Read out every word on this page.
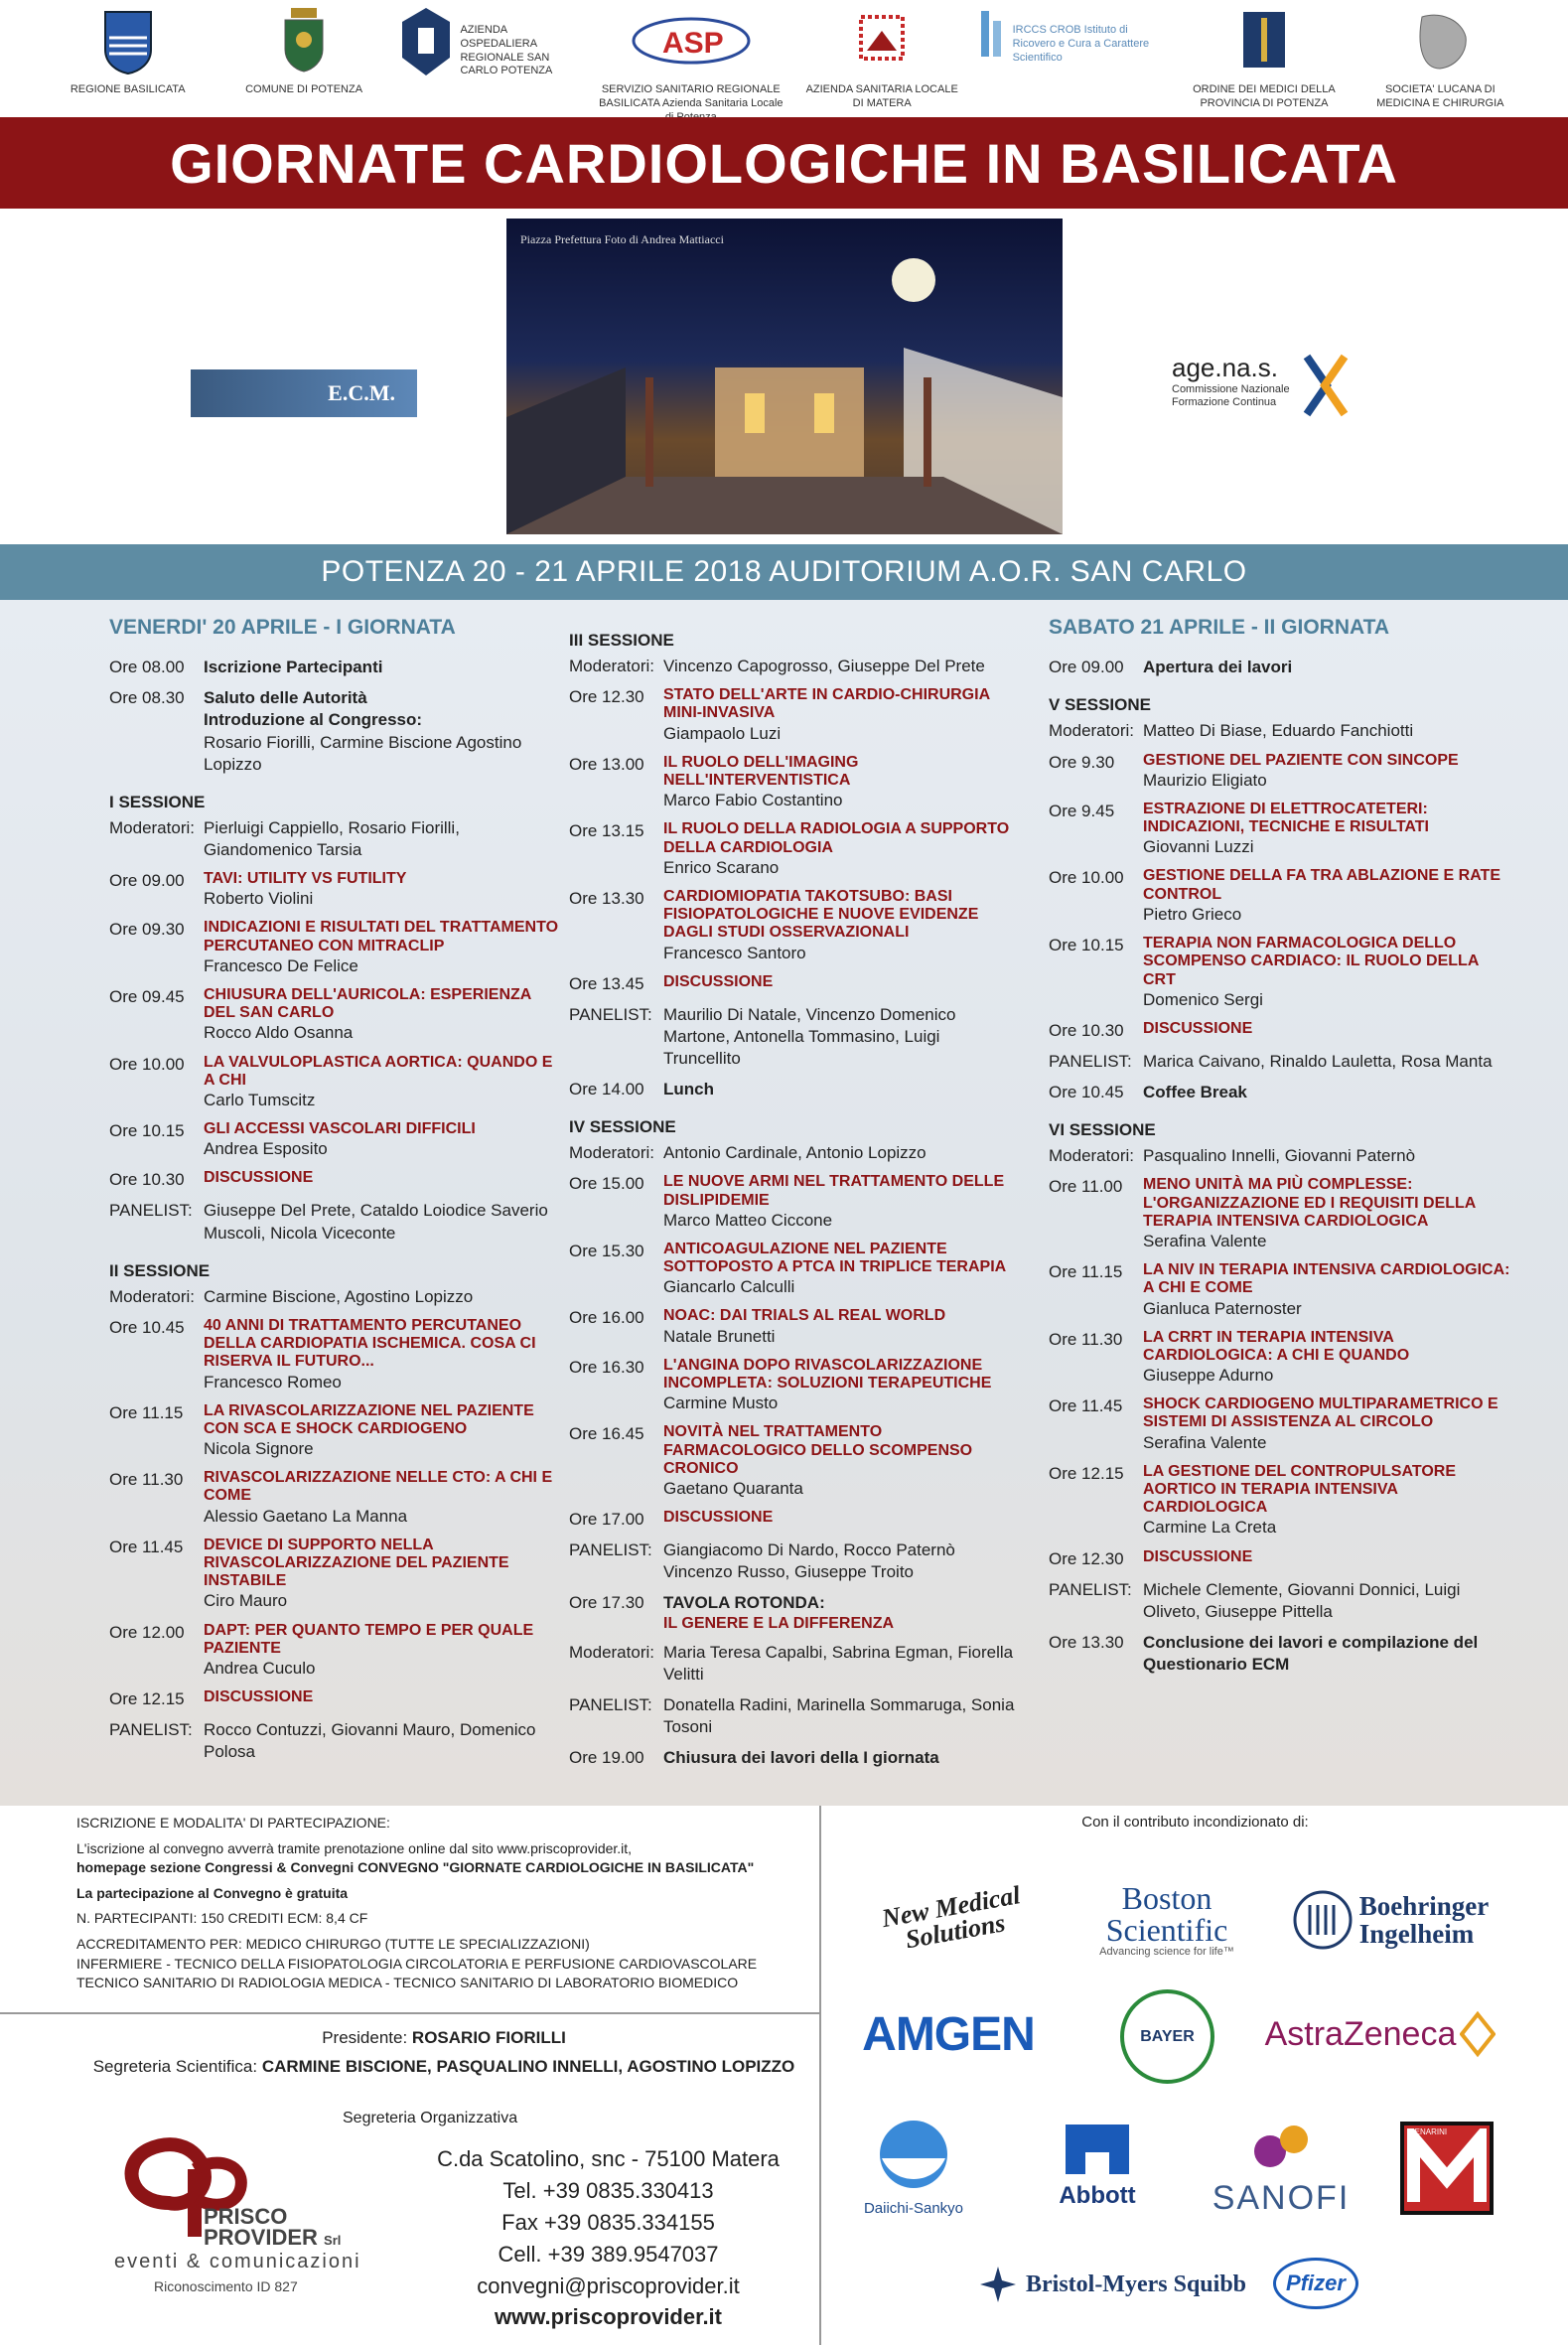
REGIONE BASILICATA	COMUNE DI POTENZA
AZIENDA OSPEDALIERA REGIONALE SAN CARLO POTENZA
ASP
SERVIZIO SANITARIO REGIONALE BASILICATA Azienda Sanitaria Locale
AZIENDA SANITARIA LOCALE DI MATERA
IRCCS CROB Istituto di Ricovero e Cura a Carattere Scientifico
ORDINE DEI MEDICI DELLA PROVINCIA DI POTENZA
SOCIETA' LUCANA DI MEDICINA E CHIRURGIA
GIORNATE CARDIOLOGICHE IN BASILICATA
Piazza Prefettura Foto di Andrea Mattiacci
E.C.M.
age.na.s.
Commissione Nazionale
Formazione Continua
POTENZA 20 - 21 APRILE 2018 AUDITORIUM A.O.R. SAN CARLO
VENERDI' 20 APRILE - I GIORNATA
Ore 08.00	Iscrizione Partecipanti
Ore 08.30	Saluto delle Autorità
Introduzione al Congresso:
Rosario Fiorilli, Carmine Biscione Agostino Lopizzo
I SESSIONE
Moderatori: Pierluigi Cappiello, Rosario Fiorilli, Giandomenico Tarsia
Ore 09.00	TAVI: UTILITY VS FUTILITY
Roberto Violini
Ore 09.30	INDICAZIONI E RISULTATI DEL TRATTAMENTO PERCUTANEO CON MITRACLIP
Francesco De Felice
Ore 09.45	CHIUSURA DELL'AURICOLA: ESPERIENZA DEL SAN CARLO
Rocco Aldo Osanna
Ore 10.00	LA VALVULOPLASTICA AORTICA: QUANDO E A CHI
Carlo Tumscitz
Ore 10.15	GLI ACCESSI VASCOLARI DIFFICILI
Andrea Esposito
Ore 10.30	DISCUSSIONE
PANELIST: Giuseppe Del Prete, Cataldo Loiodice Saverio Muscoli, Nicola Viceconte
II SESSIONE
Moderatori: Carmine Biscione, Agostino Lopizzo
Ore 10.45	40 ANNI DI TRATTAMENTO PERCUTANEO DELLA CARDIOPATIA ISCHEMICA. COSA CI RISERVA IL FUTURO...
Francesco Romeo
Ore 11.15	LA RIVASCOLARIZZAZIONE NEL PAZIENTE CON SCA E SHOCK CARDIOGENO
Nicola Signore
Ore 11.30	RIVASCOLARIZZAZIONE NELLE CTO: A CHI E COME
Alessio Gaetano La Manna
Ore 11.45	DEVICE DI SUPPORTO NELLA RIVASCOLARIZZAZIONE DEL PAZIENTE INSTABILE
Ciro Mauro
Ore 12.00	DAPT: PER QUANTO TEMPO E PER QUALE PAZIENTE
Andrea Cuculo
Ore 12.15	DISCUSSIONE
PANELIST: Rocco Contuzzi, Giovanni Mauro, Domenico Polosa
III SESSIONE
Moderatori: Vincenzo Capogrosso, Giuseppe Del Prete
Ore 12.30	STATO DELL'ARTE IN CARDIO-CHIRURGIA MINI-INVASIVA
Giampaolo Luzi
Ore 13.00	IL RUOLO DELL'IMAGING NELL'INTERVENTISTICA
Marco Fabio Costantino
Ore 13.15	IL RUOLO DELLA RADIOLOGIA A SUPPORTO DELLA CARDIOLOGIA
Enrico Scarano
Ore 13.30	CARDIOMIOPATIA TAKOTSUBO: BASI FISIOPATOLOGICHE E NUOVE EVIDENZE DAGLI STUDI OSSERVAZIONALI
Francesco Santoro
Ore 13.45	DISCUSSIONE
PANELIST: Maurilio Di Natale, Vincenzo Domenico Martone, Antonella Tommasino, Luigi Truncellito
Ore 14.00	Lunch
IV SESSIONE
Moderatori: Antonio Cardinale, Antonio Lopizzo
Ore 15.00	LE NUOVE ARMI NEL TRATTAMENTO DELLE DISLIPIDEMIE
Marco Matteo Ciccone
Ore 15.30	ANTICOAGULAZIONE NEL PAZIENTE SOTTOPOSTO A PTCA IN TRIPLICE TERAPIA
Giancarlo Calculli
Ore 16.00	NOAC: DAI TRIALS AL REAL WORLD
Natale Brunetti
Ore 16.30	L'ANGINA DOPO RIVASCOLARIZZAZIONE INCOMPLETA: SOLUZIONI TERAPEUTICHE
Carmine Musto
Ore 16.45	NOVITÀ NEL TRATTAMENTO FARMACOLOGICO DELLO SCOMPENSO CRONICO
Gaetano Quaranta
Ore 17.00	DISCUSSIONE
PANELIST: Giangiacomo Di Nardo, Rocco Paternò Vincenzo Russo, Giuseppe Troito
Ore 17.30	TAVOLA ROTONDA:
IL GENERE E LA DIFFERENZA
Moderatori: Maria Teresa Capalbi, Sabrina Egman, Fiorella Velitti
PANELIST: Donatella Radini, Marinella Sommaruga, Sonia Tosoni
Ore 19.00	Chiusura dei lavori della I giornata
SABATO 21 APRILE - II GIORNATA
Ore 09.00	Apertura dei lavori
V SESSIONE
Moderatori: Matteo Di Biase, Eduardo Fanchiotti
Ore 9.30	GESTIONE DEL PAZIENTE CON SINCOPE
Maurizio Eligiato
Ore 9.45	ESTRAZIONE DI ELETTROCATETERI: INDICAZIONI, TECNICHE E RISULTATI
Giovanni Luzzi
Ore 10.00	GESTIONE DELLA FA TRA ABLAZIONE E RATE CONTROL
Pietro Grieco
Ore 10.15	TERAPIA NON FARMACOLOGICA DELLO SCOMPENSO CARDIACO: IL RUOLO DELLA CRT
Domenico Sergi
Ore 10.30	DISCUSSIONE
PANELIST: Marica Caivano, Rinaldo Lauletta, Rosa Manta
Ore 10.45	Coffee Break
VI SESSIONE
Moderatori: Pasqualino Innelli, Giovanni Paternò
Ore 11.00	MENO UNITÀ MA PIÙ COMPLESSE: L'ORGANIZZAZIONE ED I REQUISITI DELLA TERAPIA INTENSIVA CARDIOLOGICA
Serafina Valente
Ore 11.15	LA NIV IN TERAPIA INTENSIVA CARDIOLOGICA: A CHI E COME
Gianluca Paternoster
Ore 11.30	LA CRRT IN TERAPIA INTENSIVA CARDIOLOGICA: A CHI E QUANDO
Giuseppe Adurno
Ore 11.45	SHOCK CARDIOGENO MULTIPARAMETRICO E SISTEMI DI ASSISTENZA AL CIRCOLO
Serafina Valente
Ore 12.15	LA GESTIONE DEL CONTROPULSATORE AORTICO IN TERAPIA INTENSIVA CARDIOLOGICA
Carmine La Creta
Ore 12.30	DISCUSSIONE
PANELIST: Michele Clemente, Giovanni Donnici, Luigi Oliveto, Giuseppe Pittella
Ore 13.30	Conclusione dei lavori e compilazione del Questionario ECM

ISCRIZIONE E MODALITA' DI PARTECIPAZIONE:

L'iscrizione al convegno avverrà tramite prenotazione online dal sito www.priscoprovider.it,

homepage sezione Congressi & Convegni CONVEGNO "GIORNATE CARDIOLOGICHE IN BASILICATA"

La partecipazione al Convegno è gratuita

N. PARTECIPANTI: 150 CREDITI ECM: 8,4 CF

ACCREDITAMENTO PER: MEDICO CHIRURGO (TUTTE LE SPECIALIZZAZIONI)
INFERMIERE - TECNICO DELLA FISIOPATOLOGIA CIRCOLATORIA E PERFUSIONE CARDIOVASCOLARE
TECNICO SANITARIO DI RADIOLOGIA MEDICA - TECNICO SANITARIO DI LABORATORIO BIOMEDICO
Presidente: ROSARIO FIORILLI
Segreteria Scientifica: CARMINE BISCIONE, PASQUALINO INNELLI, AGOSTINO LOPIZZO
Segreteria Organizzativa
PRISCO
PROVIDER Srl
eventi & comunicazioni
Riconoscimento ID 827
C.da Scatolino, snc - 75100 Matera
Tel. +39 0835.330413
Fax +39 0835.334155
Cell. +39 389.9547037
convegni@priscoprovider.it
www.priscoprovider.it
Con il contributo incondizionato di:
New Medical Solutions
Boston
Scientific
Advancing science for life™
Boehringer
Ingelheim
AMGEN	BAYER AstraZeneca
Daiichi-Sankyo	Abbott SANOFI
MENARINI
Bristol-Myers Squibb Pfizer
